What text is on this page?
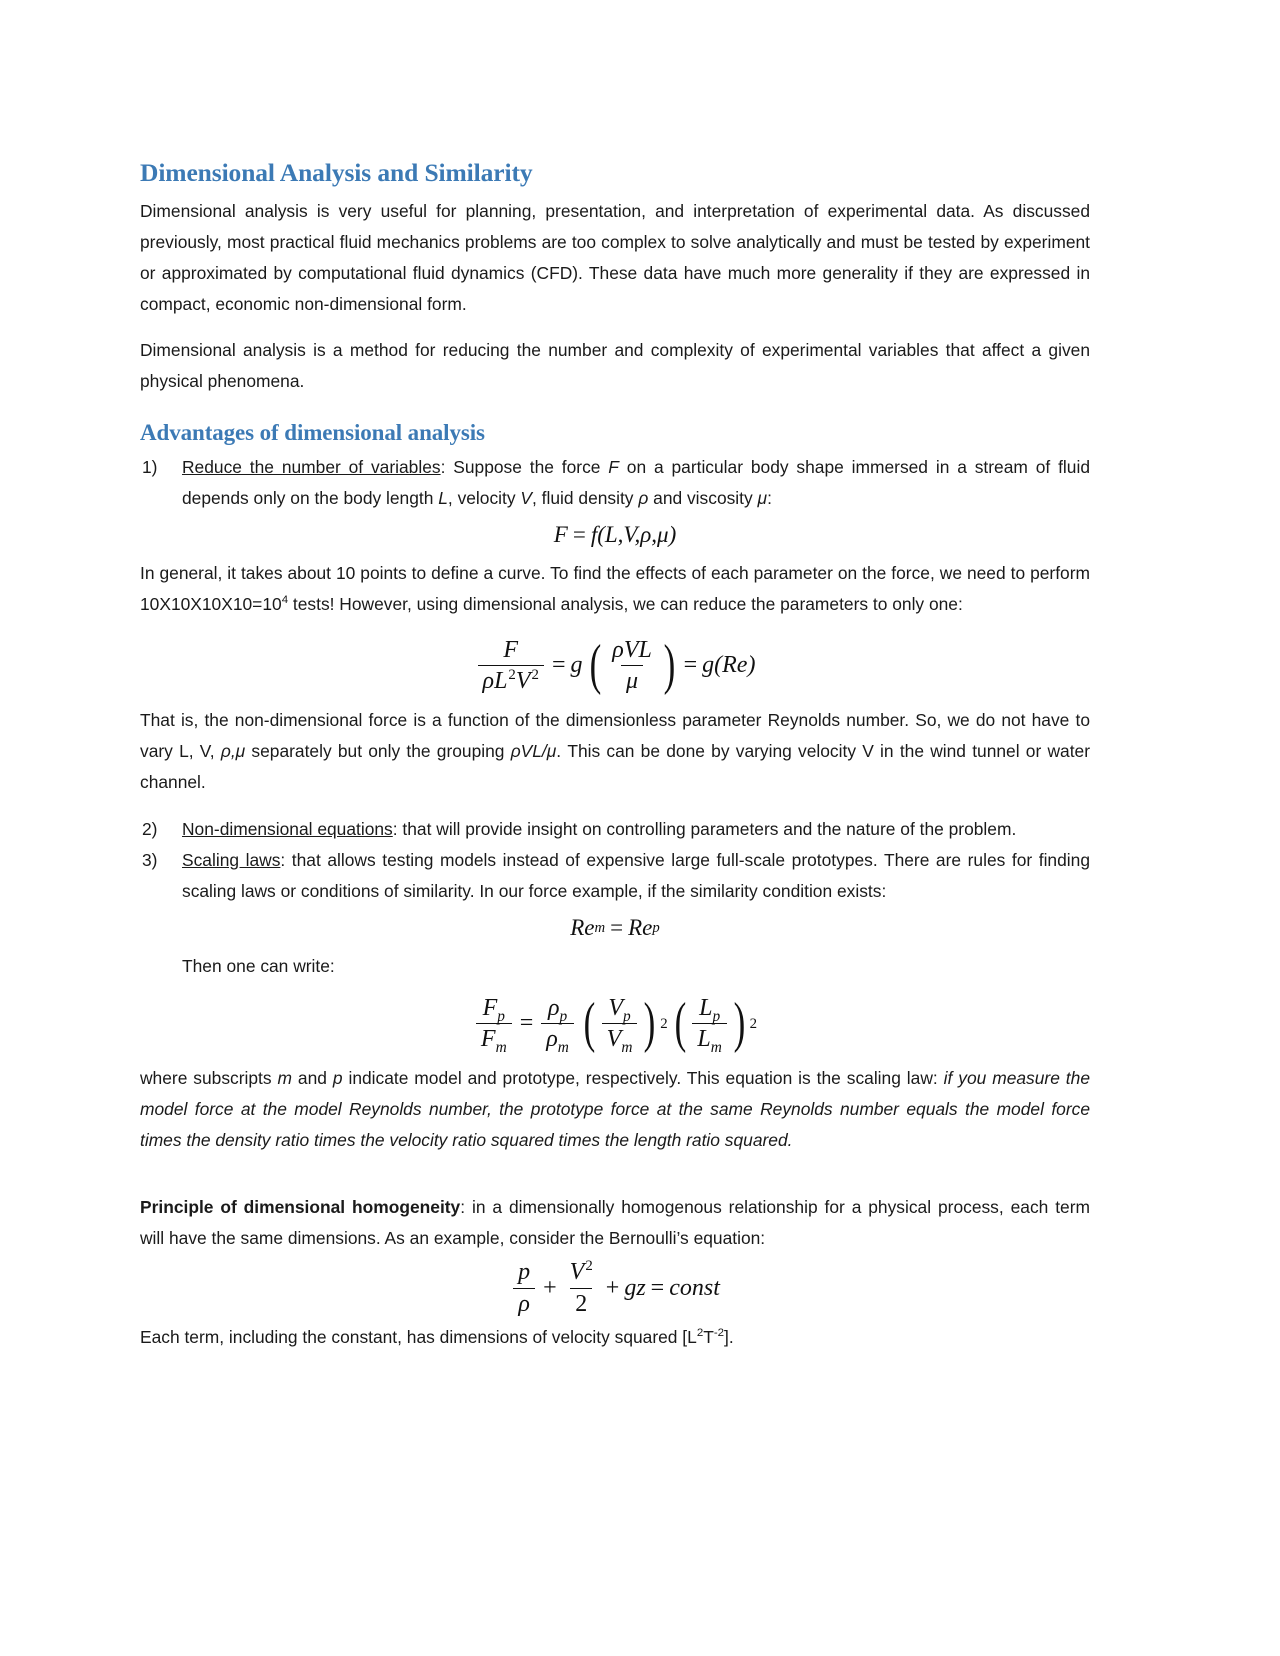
Dimensional Analysis and Similarity

Dimensional analysis is very useful for planning, presentation, and interpretation of experimental data. As discussed previously, most practical fluid mechanics problems are too complex to solve analytically and must be tested by experiment or approximated by computational fluid dynamics (CFD). These data have much more generality if they are expressed in compact, economic non-dimensional form.

Dimensional analysis is a method for reducing the number and complexity of experimental variables that affect a given physical phenomena.

Advantages of dimensional analysis
1)	Reduce the number of variables: Suppose the force F on a particular body shape immersed in a stream of fluid depends only on the body length L, velocity V, fluid density ρ and viscosity μ:
F = f (L,V,ρ,μ)

In general, it takes about 10 points to define a curve. To find the effects of each parameter on the force, we need to perform $10X10X10X10=10^4$ tests! However, using dimensional analysis, we can reduce the parameters to only one:

$\frac{F}{\rho L^2V^2} = g$ ( $\frac{\text{ρVL}}{\mu}$ ) = g(Re)

That is, the non-dimensional force is a function of the dimensionless parameter Reynolds number. So, we do not have to vary L, V, ρ,μ separately but only the grouping ρVL/μ. This can be done by varying velocity V in the wind tunnel or water channel.

2)	Non-dimensional equations: that will provide insight on controlling parameters and the nature of the problem.
3)	Scaling laws: that allows testing models instead of expensive large full-scale prototypes. There are rules for finding scaling laws or conditions of similarity. In our force example, if the similarity condition exists:
Re m = Re p

Then one can write:

$\frac{F_p}{F_m} = \frac{\rho_p}{\rho_m}$ ( $\frac{V_p}{V_m}$ ) 2 ( $\frac{L_p}{L_m}$ ) 2

where subscripts m and p indicate model and prototype, respectively. This equation is the scaling law: if you measure the model force at the model Reynolds number, the prototype force at the same Reynolds number equals the model force times the density ratio times the velocity ratio squared times the length ratio squared.

Principle of dimensional homogeneity: in a dimensionally homogenous relationship for a physical process, each term will have the same dimensions. As an example, consider the Bernoulli’s equation:

$\frac{p}{\rho} + \frac{V^2}{2}$ + gz = const

Each term, including the constant, has dimensions of velocity squared $[L^2T^{-2}]$.
